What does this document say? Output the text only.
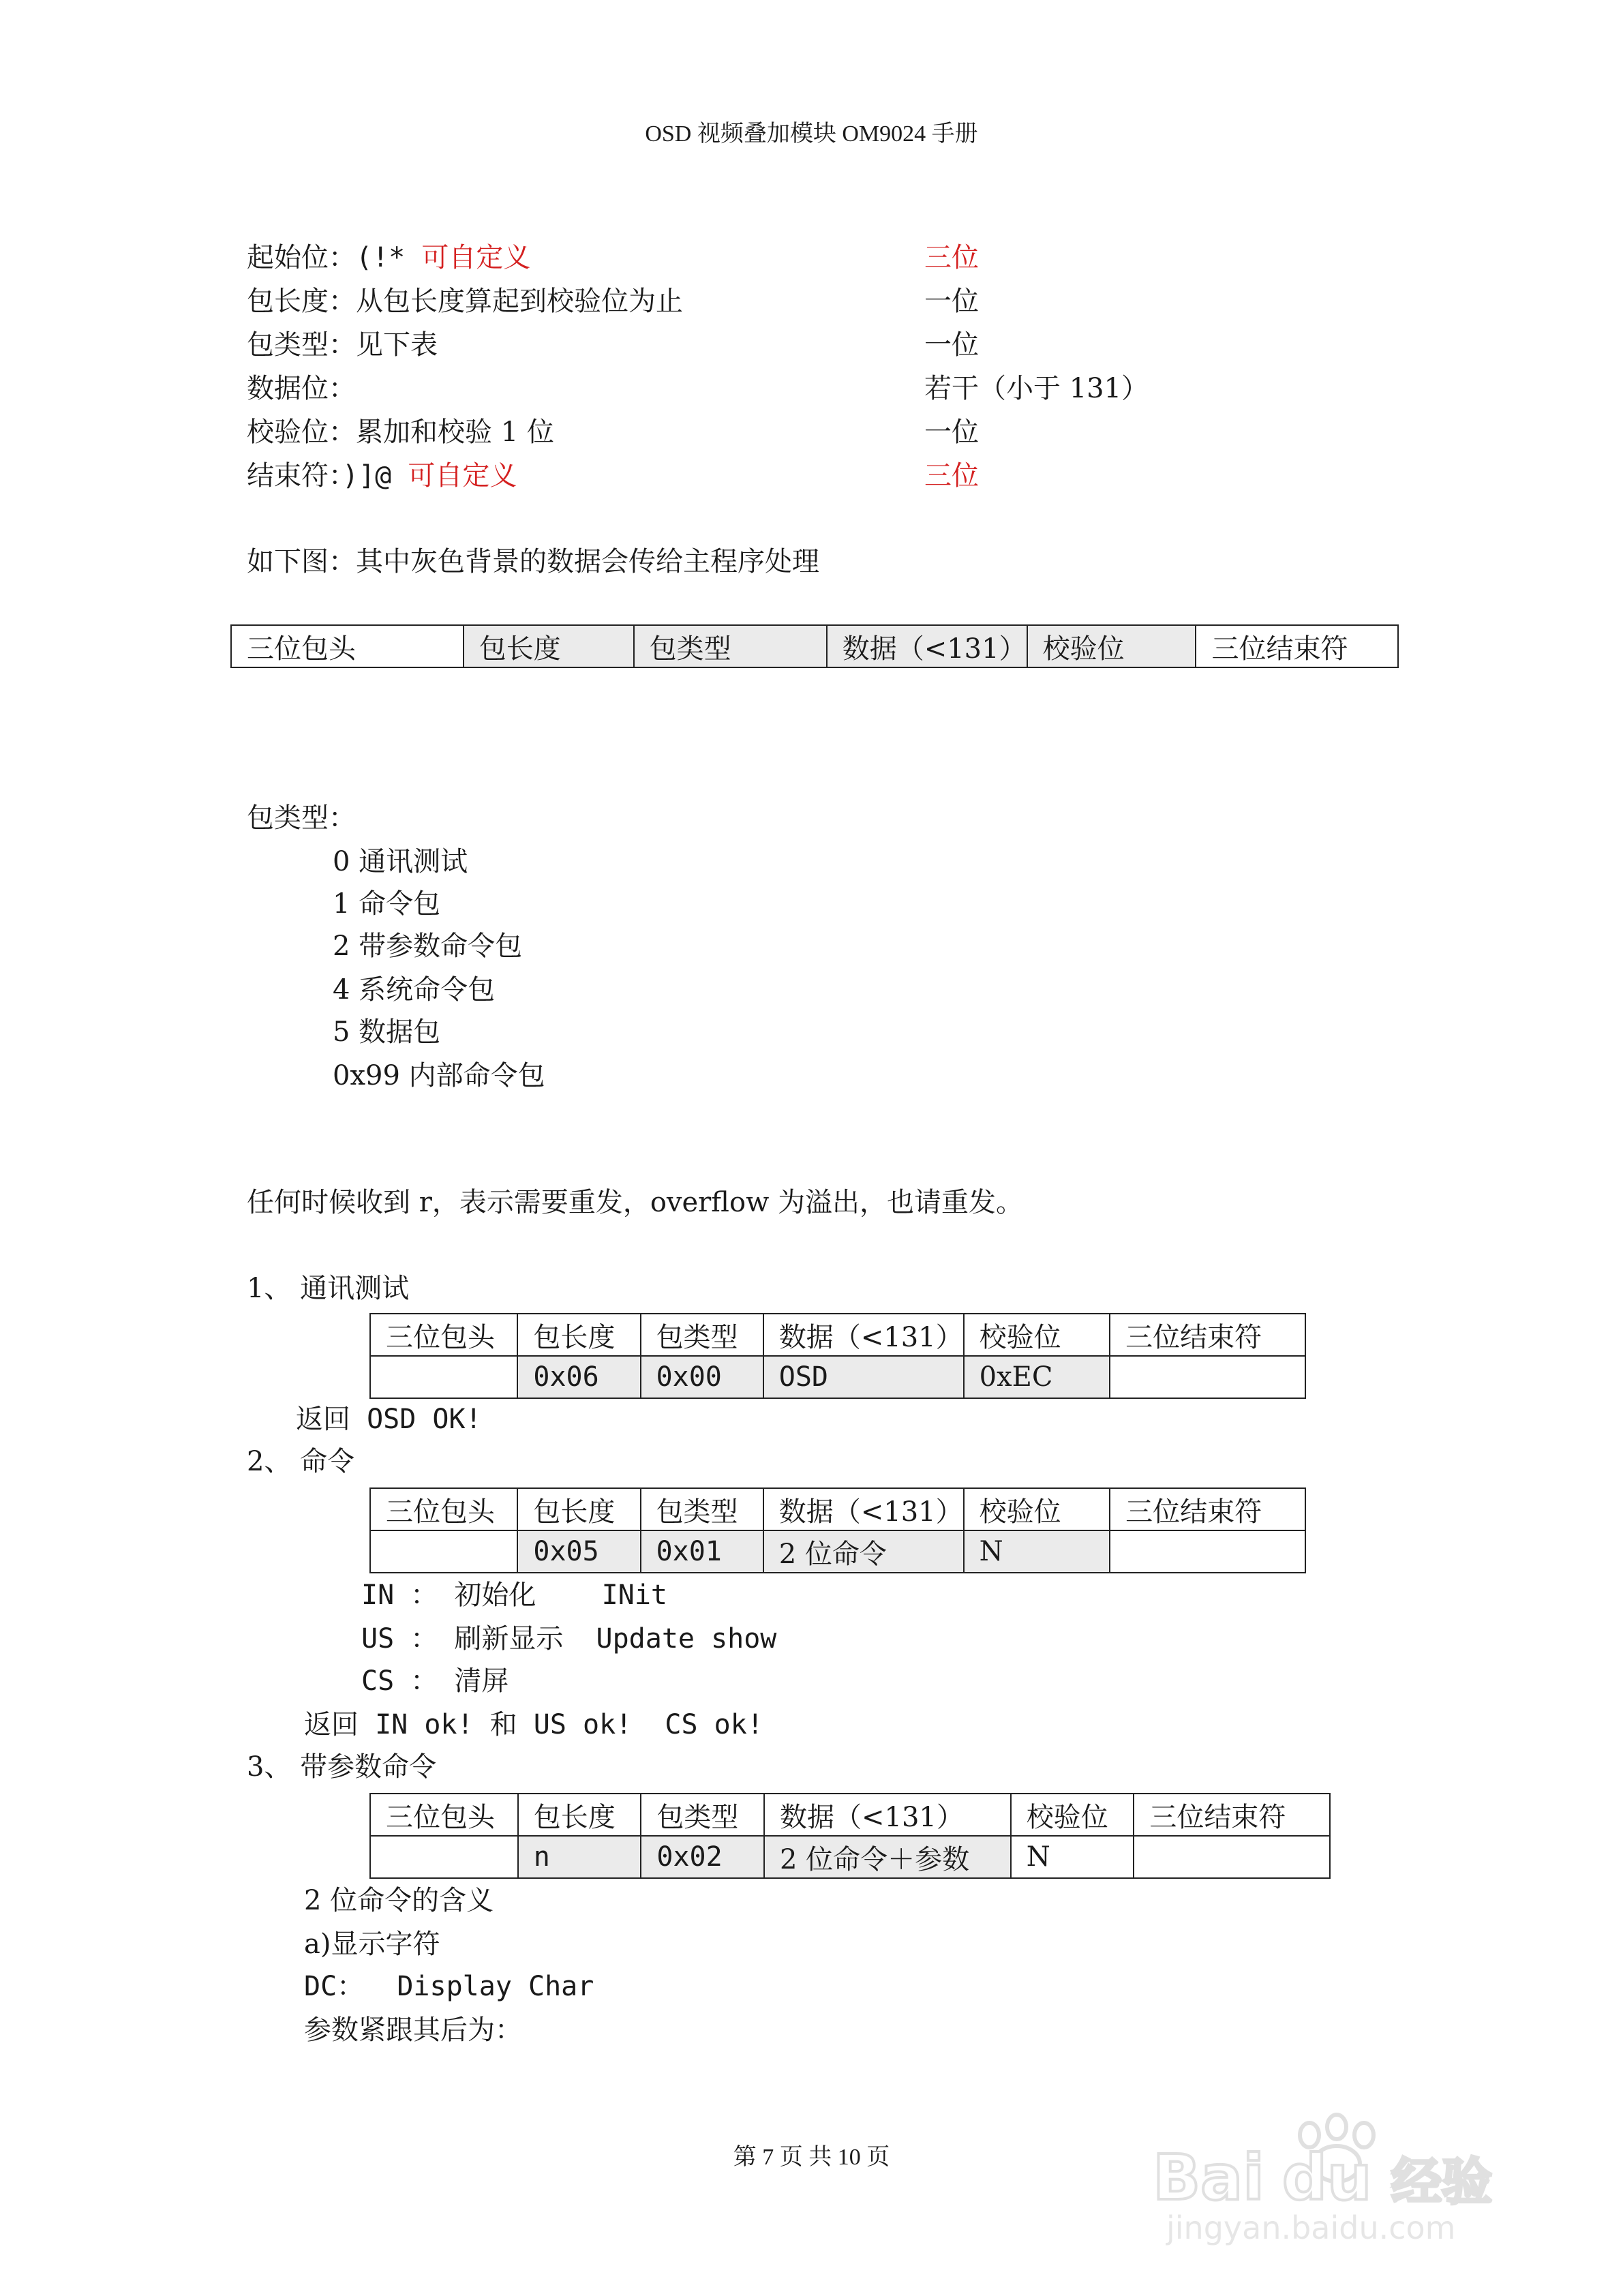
OSD 视频叠加模块 OM9024 手册
起始位：(!* 可自定义	三位
包长度：从包长度算起到校验位为止	一位
包类型：见下表	一位
数据位：	若干（小于 131）
校验位：累加和校验 1 位	一位
结束符：)]@ 可自定义	三位
如下图：其中灰色背景的数据会传给主程序处理
三位包头	包长度	包类型	数据（<131）	校验位	三位结束符
包类型：
0 通讯测试
1 命令包
2 带参数命令包
4 系统命令包
5 数据包
0x99 内部命令包
任何时候收到 r，表示需要重发，overflow 为溢出，也请重发。
1、 通讯测试
三位包头	包长度	包类型	数据（<131）	校验位	三位结束符
	0x06	0x00	OSD	0xEC	
返回 OSD OK!
2、 命令
三位包头	包长度	包类型	数据（<131）	校验位	三位结束符
	0x05	0x01	2 位命令	N	
IN ： 初始化    INit
US ： 刷新显示  Update show
CS ： 清屏
返回 IN ok! 和 US ok!  CS ok!
3、 带参数命令
三位包头	包长度	包类型	数据（<131）	校验位	三位结束符
	n	0x02	2 位命令＋参数	N	
2 位命令的含义
a)显示字符
DC：  Display Char
参数紧跟其后为：
第 7 页 共 10 页	Bai du 经验
jingyan.baidu.com
